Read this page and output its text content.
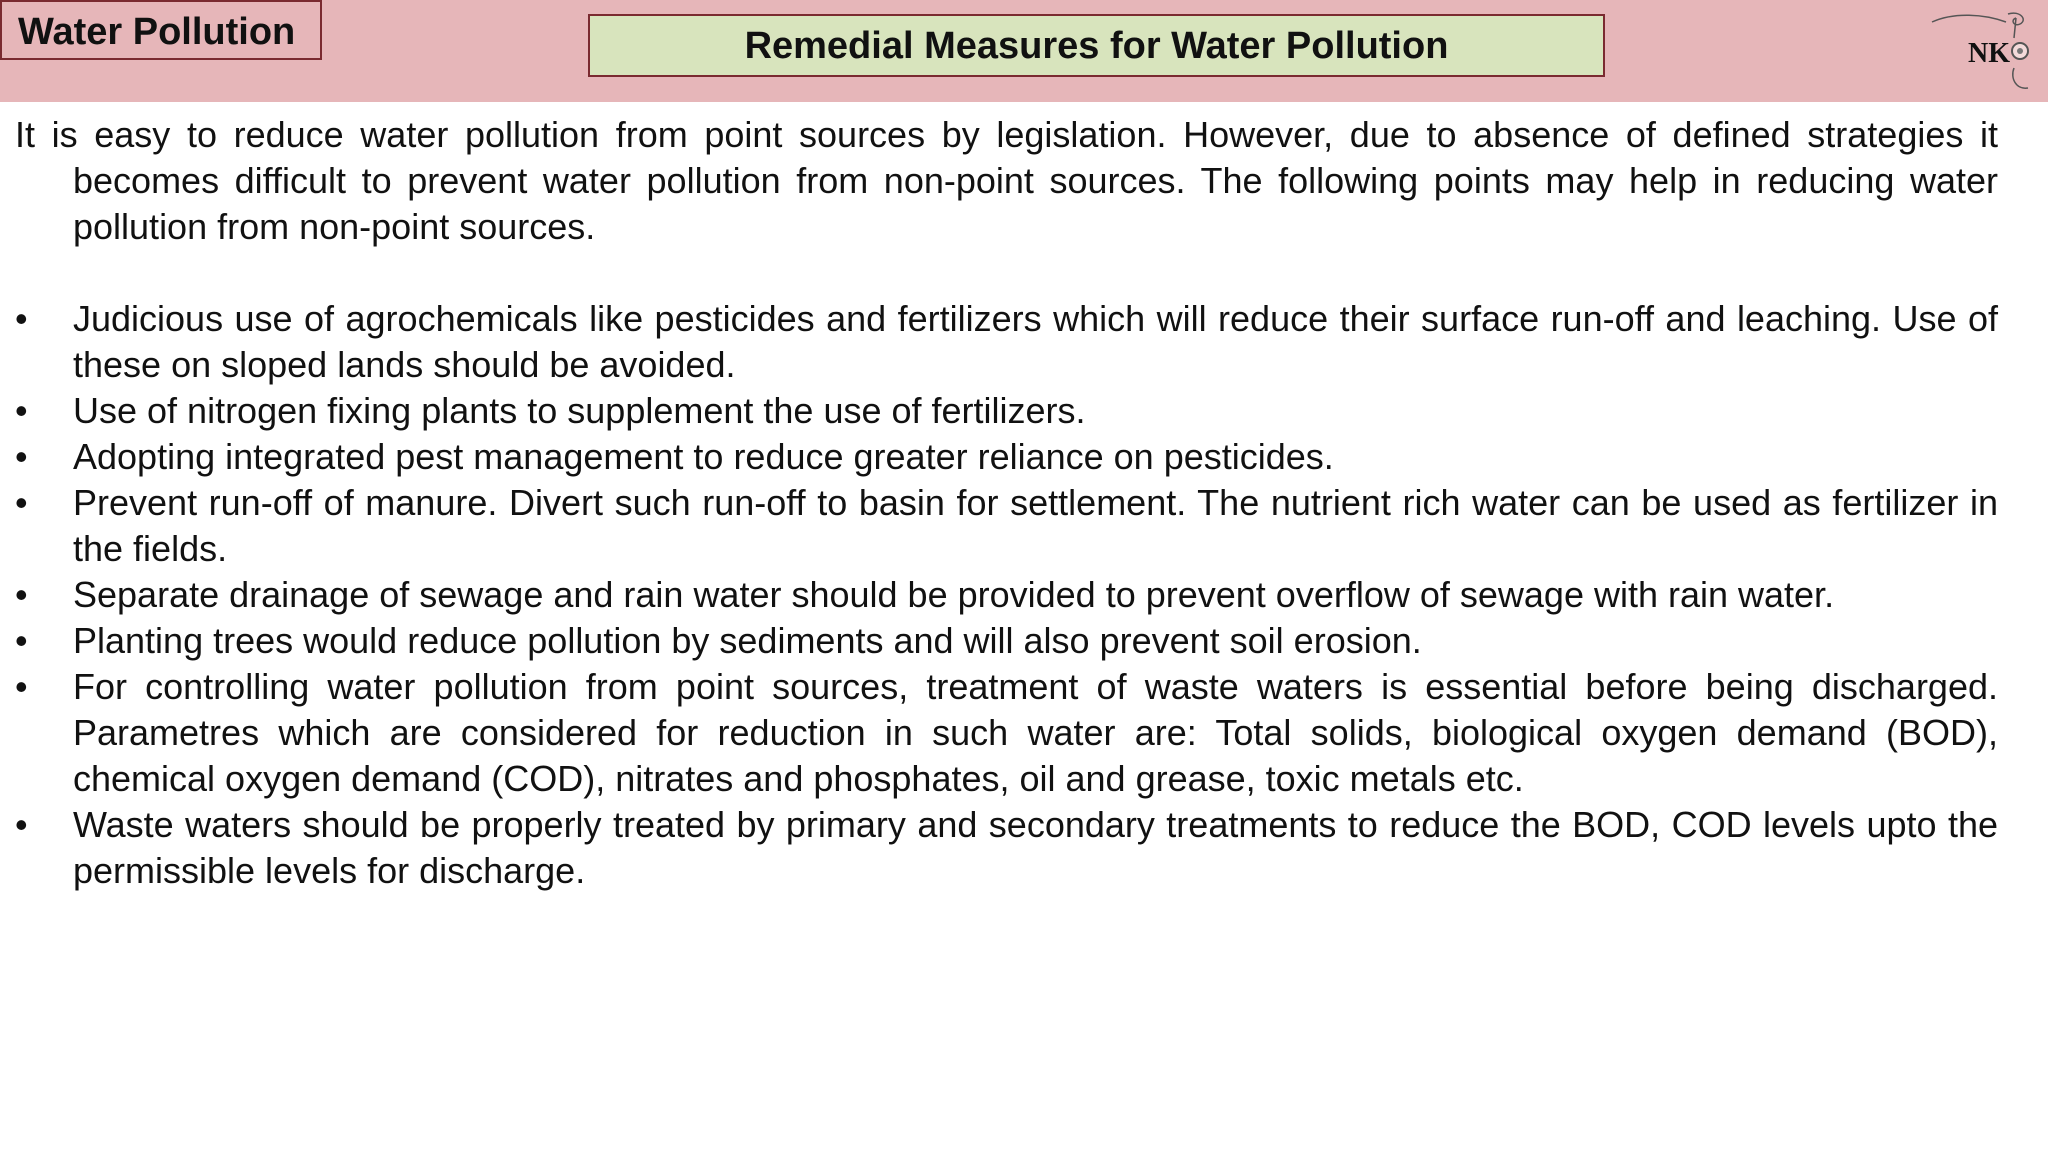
Water Pollution	Remedial Measures for Water Pollution	NK

It is easy to reduce water pollution from point sources by legislation. However, due to absence of defined strategies it becomes difficult to prevent water pollution from non-point sources. The following points may help in reducing water pollution from non-point sources.

• Judicious use of agrochemicals like pesticides and fertilizers which will reduce their surface run-off and leaching. Use of these on sloped lands should be avoided.
• Use of nitrogen fixing plants to supplement the use of fertilizers.
• Adopting integrated pest management to reduce greater reliance on pesticides.
• Prevent run-off of manure. Divert such run-off to basin for settlement. The nutrient rich water can be used as fertilizer in the fields.
• Separate drainage of sewage and rain water should be provided to prevent overflow of sewage with rain water.
• Planting trees would reduce pollution by sediments and will also prevent soil erosion.
• For controlling water pollution from point sources, treatment of waste waters is essential before being discharged. Parametres which are considered for reduction in such water are: Total solids, biological oxygen demand (BOD), chemical oxygen demand (COD), nitrates and phosphates, oil and grease, toxic metals etc.
• Waste waters should be properly treated by primary and secondary treatments to reduce the BOD, COD levels upto the permissible levels for discharge.
